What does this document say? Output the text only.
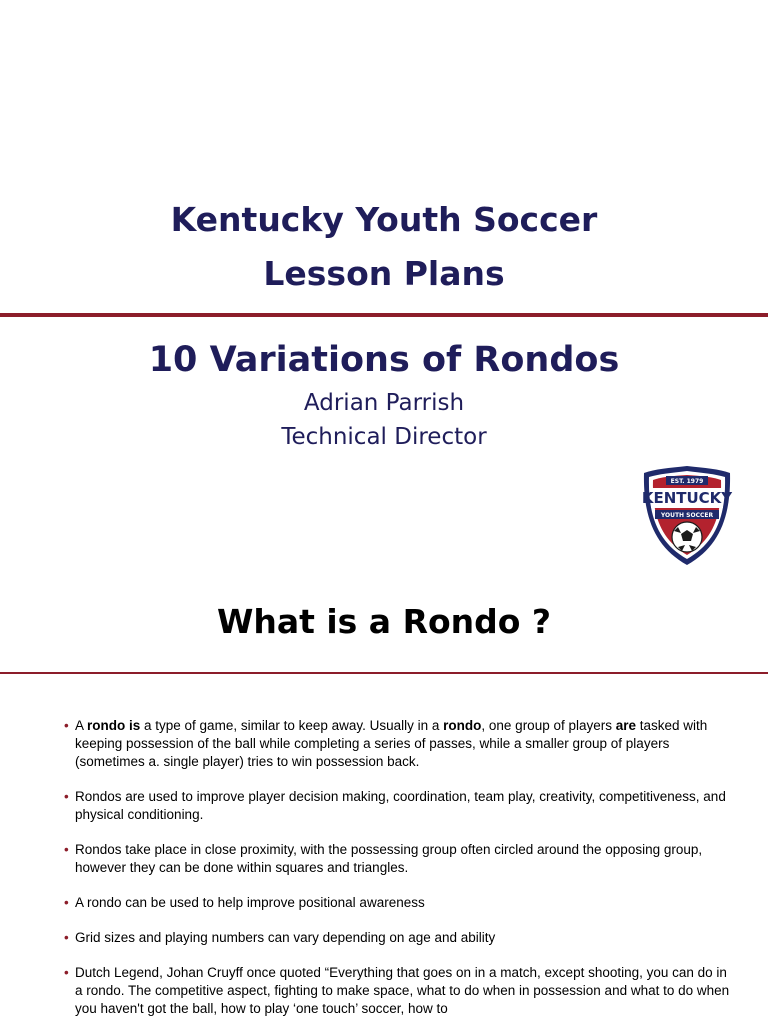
Kentucky Youth Soccer
Lesson Plans
10 Variations of Rondos
Adrian Parrish
Technical Director
EST. 1979
KENTUCKY
YOUTH SOCCER
What is a Rondo ?
• A rondo is a type of game, similar to keep away. Usually in a rondo, one group of players are tasked with keeping possession of the ball while completing a series of passes, while a smaller group of players (sometimes a. single player) tries to win possession back.
• Rondos are used to improve player decision making, coordination, team play, creativity, competitiveness, and physical conditioning.
• Rondos take place in close proximity, with the possessing group often circled around the opposing group, however they can be done within squares and triangles.
• A rondo can be used to help improve positional awareness
• Grid sizes and playing numbers can vary depending on age and ability
• Dutch Legend, Johan Cruyff once quoted “Everything that goes on in a match, except shooting, you can do in a rondo. The competitive aspect, fighting to make space, what to do when in possession and what to do when you haven't got the ball, how to play ‘one touch’ soccer, how to
